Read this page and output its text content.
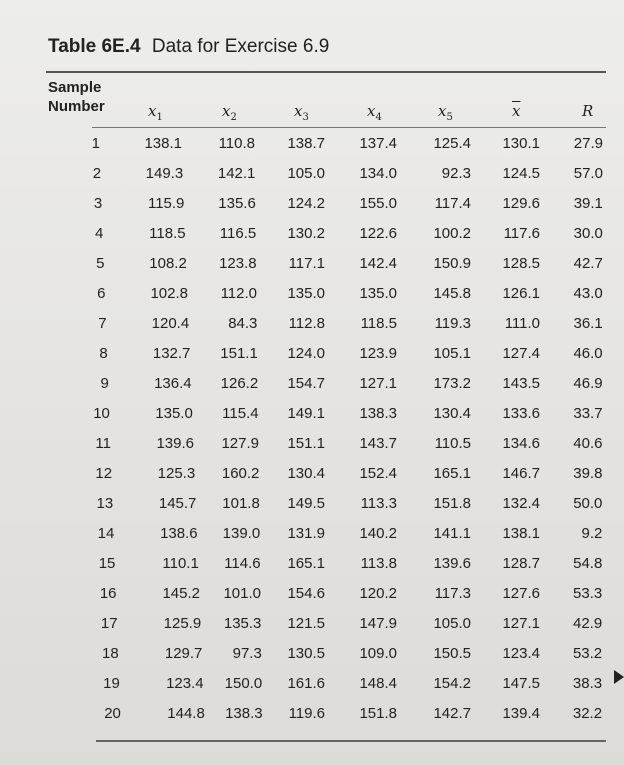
Table 6E.4 Data for Exercise 6.9
Sample
Number	$x_1$	$x_2$	$x_3$	$x_4$	$x_5$	$\overline{x}$	R
1	138.1 110.8 138.7 137.4 125.4 130.1 27.9
2	149.3 142.1 105.0 134.0	92.3 124.5 57.0
3	115.9 135.6 124.2 155.0	117.4 129.6 39.1
4	118.5 116.5 130.2 122.6 100.2 117.6 30.0
5	108.2 123.8 117.1 142.4 150.9 128.5 42.7
6	102.8 112.0 135.0 135.0 145.8 126.1 43.0
7	120.4	84.3 112.8 118.5	119.3 111.0 36.1
8	132.7 151.1 124.0 123.9 105.1 127.4 46.0
9	136.4 126.2 154.7 127.1 173.2 143.5 46.9
10	135.0 115.4 149.1 138.3 130.4 133.6 33.7
11	139.6 127.9 151.1 143.7	110.5 134.6 40.6
12	125.3 160.2 130.4 152.4 165.1 146.7 39.8
13	145.7 101.8 149.5 113.3 151.8 132.4 50.0
14	138.6 139.0 131.9 140.2 141.1 138.1	9.2
15	110.1 114.6 165.1 113.8 139.6 128.7 54.8
16	145.2 101.0 154.6 120.2	117.3 127.6 53.3
17	125.9 135.3 121.5 147.9 105.0 127.1 42.9
18	129.7 97.3 130.5 109.0 150.5 123.4 53.2
19	123.4 150.0 161.6 148.4 154.2 147.5 38.3
20	144.8 138.3 119.6 151.8 142.7 139.4 32.2
